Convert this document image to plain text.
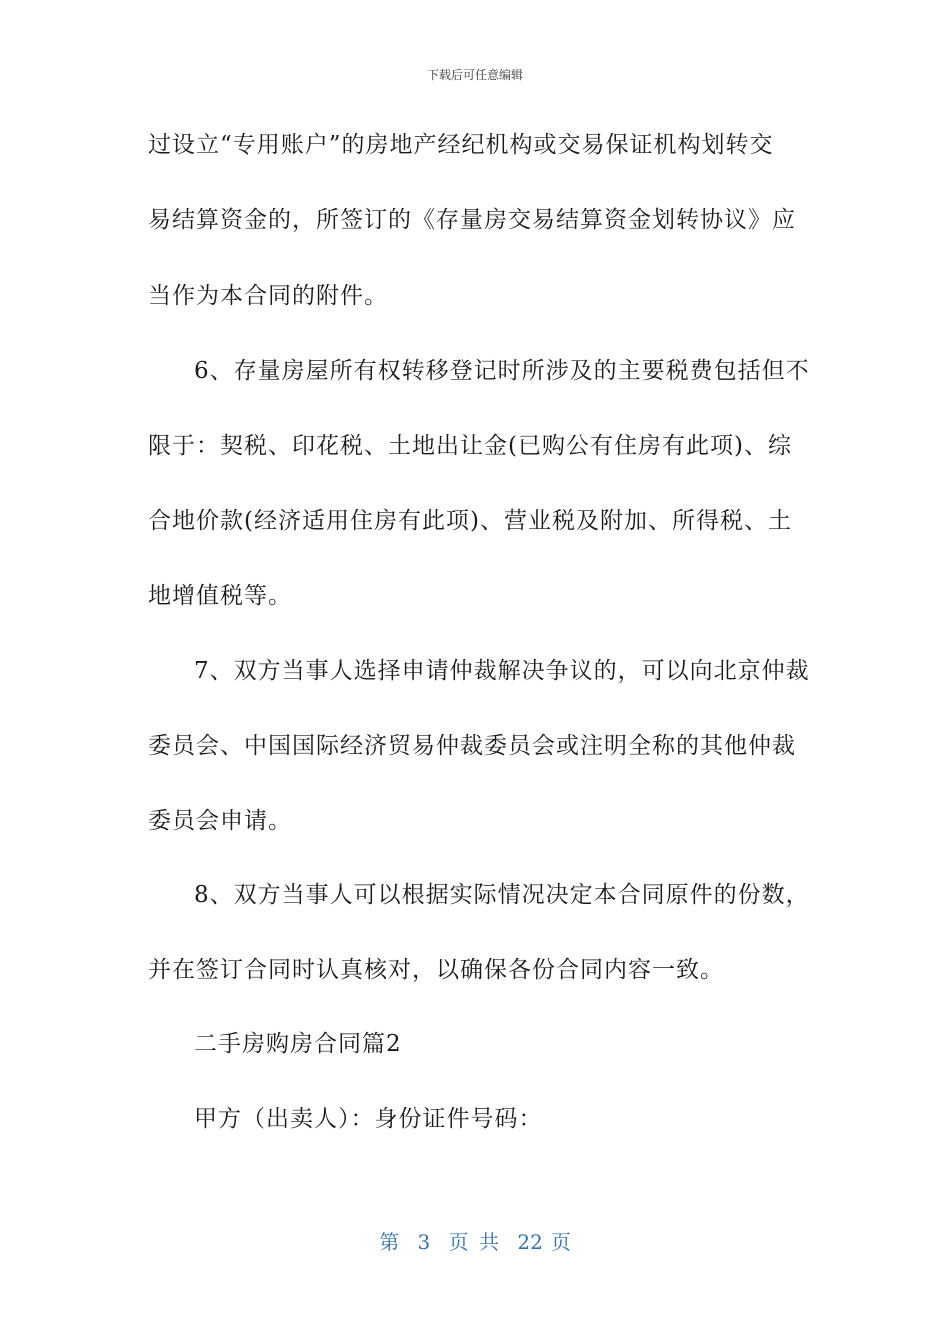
下载后可任意编辑
过设立“专用账户”的房地产经纪机构或交易保证机构划转交
易结算资金的，所签订的《存量房交易结算资金划转协议》应
当作为本合同的附件。
6、存量房屋所有权转移登记时所涉及的主要税费包括但不
限于：契税、印花税、土地出让金(已购公有住房有此项)、综
合地价款(经济适用住房有此项)、营业税及附加、所得税、土
地增值税等。
7、双方当事人选择申请仲裁解决争议的，可以向北京仲裁
委员会、中国国际经济贸易仲裁委员会或注明全称的其他仲裁
委员会申请。
8、双方当事人可以根据实际情况决定本合同原件的份数，
并在签订合同时认真核对，以确保各份合同内容一致。
二手房购房合同篇2
甲方（出卖人）：身份证件号码：
第 3 页 共 22 页
